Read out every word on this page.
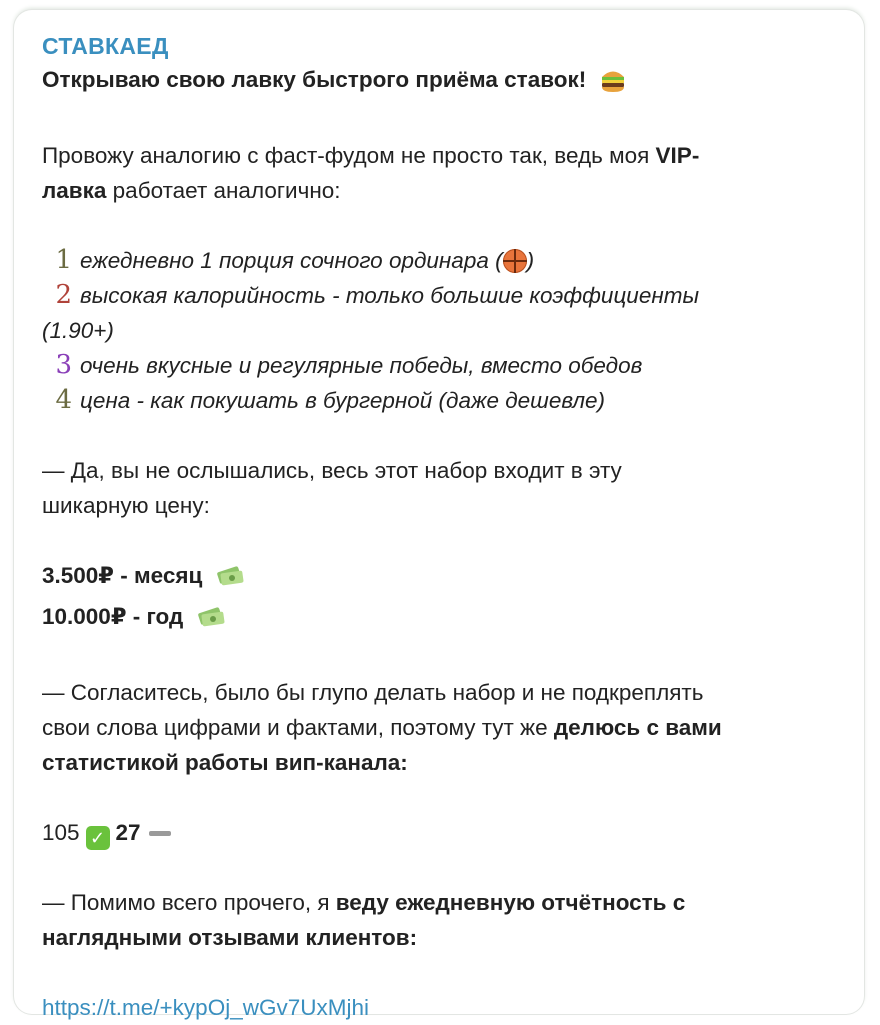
СТАВКАЕД
Открываю свою лавку быстрого приёма ставок!
Провожу аналогию с фаст-фудом не просто так, ведь моя VIP-
лавка работает аналогично:
1 ежедневно 1 порция сочного ординара ( )
2 высокая калорийность - только большие коэффициенты
(1.90+)
3 очень вкусные и регулярные победы, вместо обедов
4 цена - как покушать в бургерной (даже дешевле)
— Да, вы не ослышались, весь этот набор входит в эту
шикарную цену:
3.500₽ - месяц
10.000₽ - год
— Согласитесь, было бы глупо делать набор и не подкреплять
свои слова цифрами и фактами, поэтому тут же делюсь с вами
статистикой работы вип-канала:
105 ✓ 27
— Помимо всего прочего, я веду ежедневную отчётность с
наглядными отзывами клиентов:
https://t.me/+kypOj_wGv7UxMjhi
